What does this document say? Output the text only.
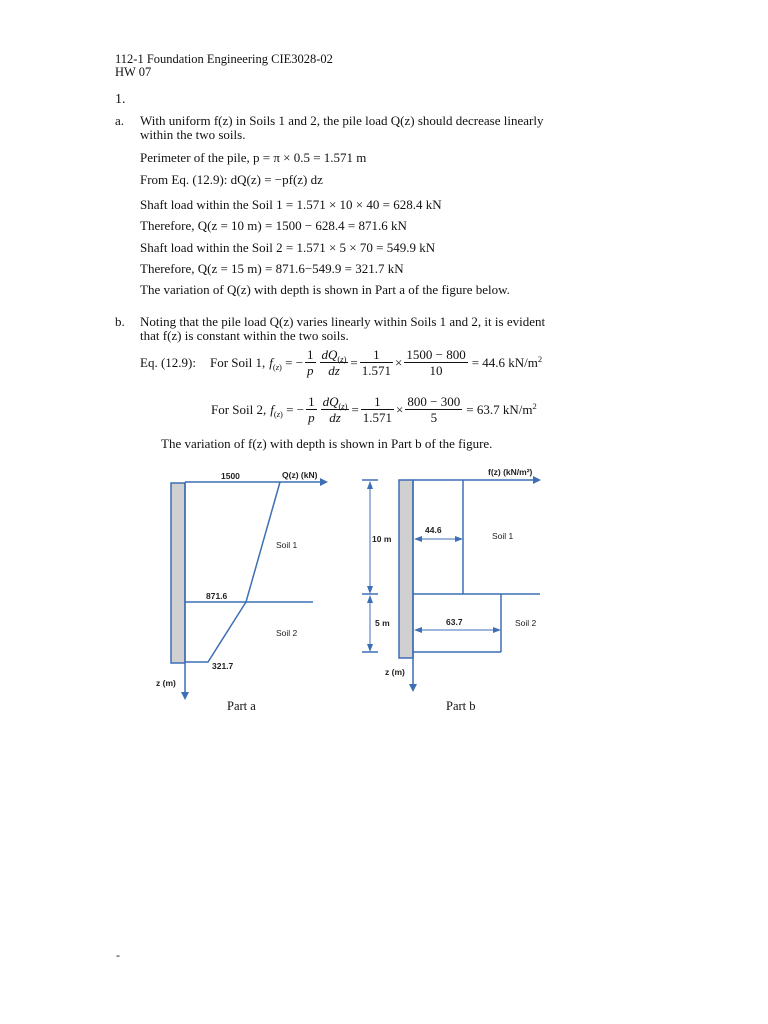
112-1 Foundation Engineering CIE3028-02
HW 07
1.
a. With uniform f(z) in Soils 1 and 2, the pile load Q(z) should decrease linearly
within the two soils.
Perimeter of the pile, p = π × 0.5 = 1.571 m
From Eq. (12.9): dQ(z) = −pf(z) dz
Shaft load within the Soil 1 = 1.571 × 10 × 40 = 628.4 kN
Therefore, Q(z = 10 m) = 1500 − 628.4 = 871.6 kN
Shaft load within the Soil 2 = 1.571 × 5 × 70 = 549.9 kN
Therefore, Q(z = 15 m) = 871.6−549.9 = 321.7 kN
The variation of Q(z) with depth is shown in Part a of the figure below.
b. Noting that the pile load Q(z) varies linearly within Soils 1 and 2, it is evident
that f(z) is constant within the two soils.
Eq. (12.9): For Soil 1, $f_{(z)}$ = − $\frac{1}{p} \frac{dQ_{(z)}}{dz} = \frac{1}{1.571} \times \frac{1500 - 800}{10} = 44.6$ $kN/m^2$
For Soil 2, $f_{(z)}$ = − $\frac{1}{p} \frac{dQ_{(z)}}{dz} = \frac{1}{1.571} \times \frac{800 - 300}{5} = 63.7$ $kN/m^2$
The variation of f(z) with depth is shown in Part b of the figure.
1500	Q(z) (kN)
Soil 1
871.6
Soil 2
321.7
z (m)
Part a
f(z) (kN/m²)
44.6
Soil 1
10 m
5 m	63.7	Soil 2
z (m)
Part b
-
